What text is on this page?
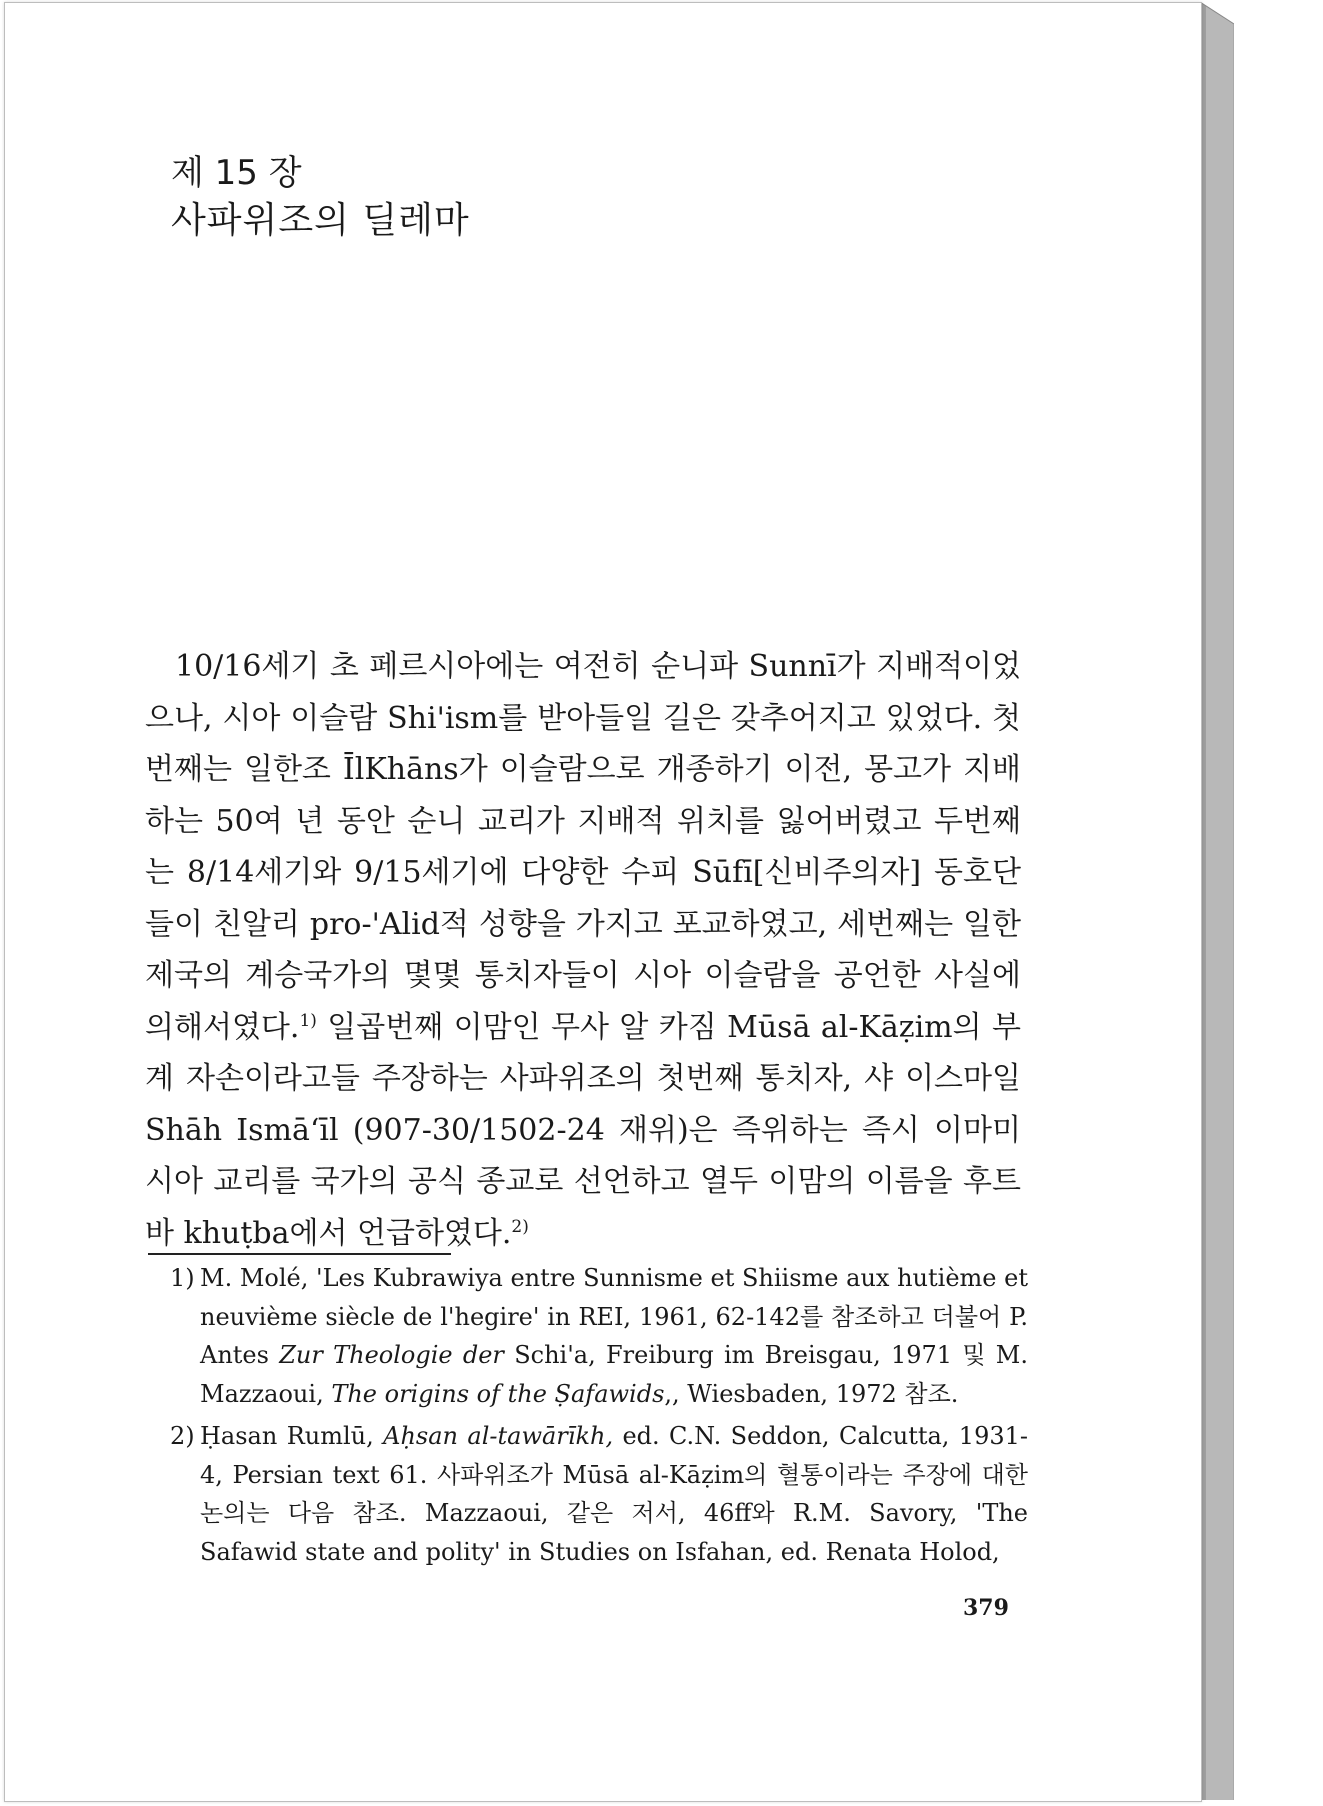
제 15 장
사파위조의 딜레마

10/16세기 초 페르시아에는 여전히 순니파 Sunnī가 지배적이었으나, 시아 이슬람 Shi'ism를 받아들일 길은 갖추어지고 있었다. 첫번째는 일한조 ĪlKhāns가 이슬람으로 개종하기 이전, 몽고가 지배하는 50여 년 동안 순니 교리가 지배적 위치를 잃어버렸고 두번째는 8/14세기와 9/15세기에 다양한 수피 Sūfī[신비주의자] 동호단들이 친알리 pro-'Alid적 성향을 가지고 포교하였고, 세번째는 일한 제국의 계승국가의 몇몇 통치자들이 시아 이슬람을 공언한 사실에 의해서였다.$^{1)}$ 일곱번째 이맘인 무사 알 카짐 Mūsā al-Kāẓim의 부계 자손이라고들 주장하는 사파위조의 첫번째 통치자, 샤 이스마일 Shāh Ismāʻīl (907-30/1502-24 재위)은 즉위하는 즉시 이마미 시아 교리를 국가의 공식 종교로 선언하고 열두 이맘의 이름을 후트바 khuṭba에서 언급하였다.$^{2)}$

1) M. Molé, 'Les Kubrawiya entre Sunnisme et Shiisme aux hutième et neuvième siècle de l'hegire' in REI, 1961, 62-142를 참조하고 더불어 P. Antes Zur Theologie der Schi'a, Freiburg im Breisgau, 1971 및 M. Mazzaoui, The origins of the Ṣafawids,, Wiesbaden, 1972 참조.

2) Ḥasan Rumlū, Aḥsan al-tawārīkh, ed. C.N. Seddon, Calcutta, 1931-4, Persian text 61. 사파위조가 Mūsā al-Kāẓim의 혈통이라는 주장에 대한 논의는 다음 참조. Mazzaoui, 같은 저서, 46ff와 R.M. Savory, 'The Safawid state and polity' in Studies on Isfahan, ed. Renata Holod,

379
